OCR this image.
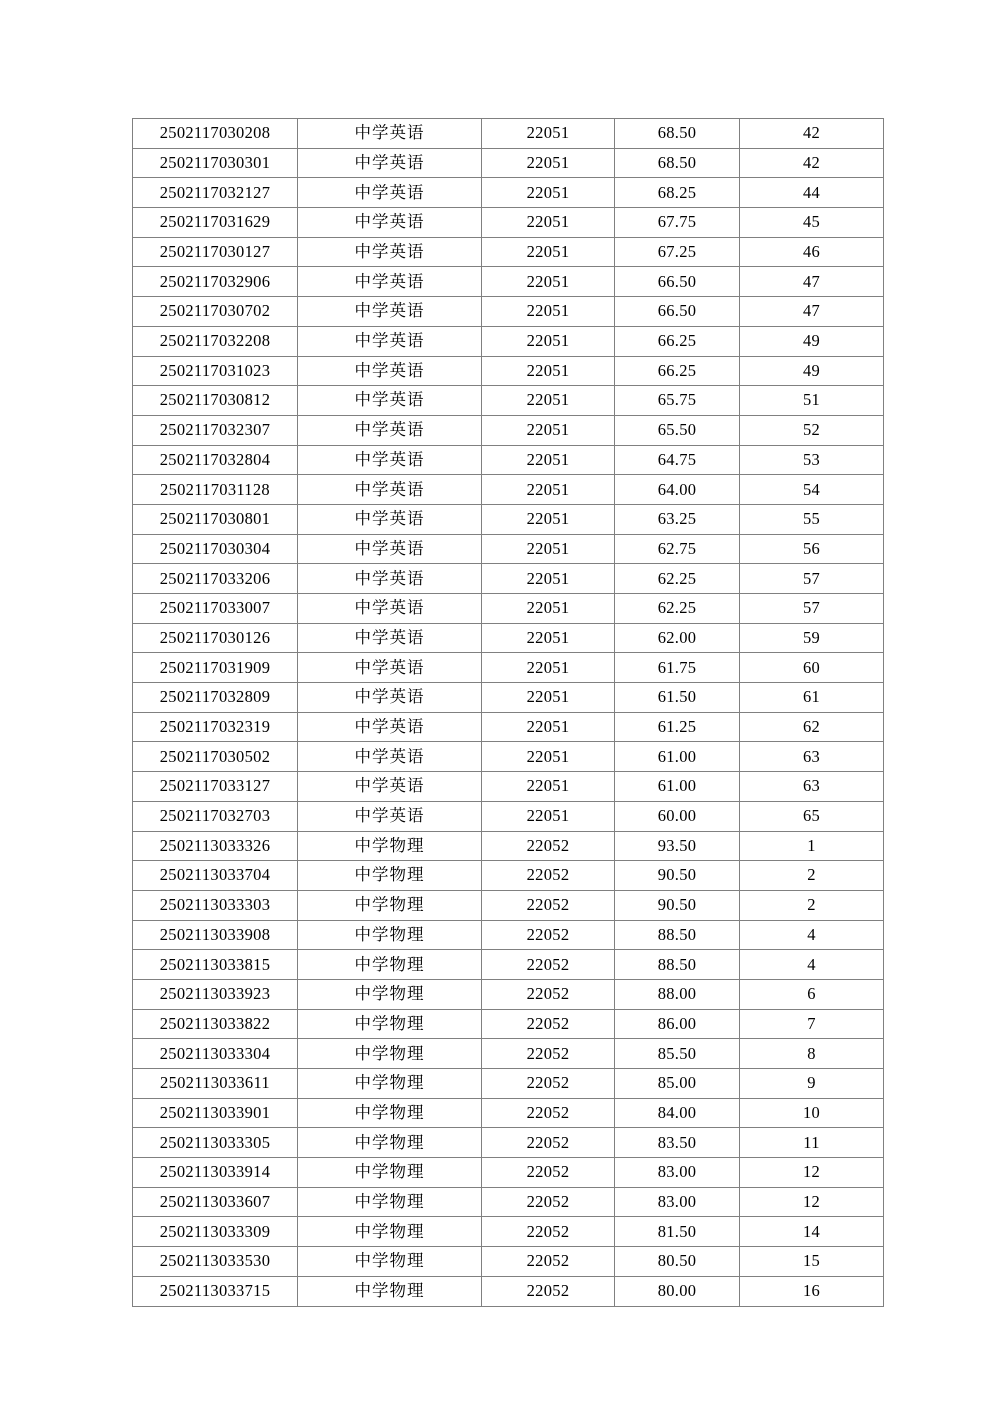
2502117030208	中学英语	22051	68.50	42
2502117030301	中学英语	22051	68.50	42
2502117032127	中学英语	22051	68.25	44
2502117031629	中学英语	22051	67.75	45
2502117030127	中学英语	22051	67.25	46
2502117032906	中学英语	22051	66.50	47
2502117030702	中学英语	22051	66.50	47
2502117032208	中学英语	22051	66.25	49
2502117031023	中学英语	22051	66.25	49
2502117030812	中学英语	22051	65.75	51
2502117032307	中学英语	22051	65.50	52
2502117032804	中学英语	22051	64.75	53
2502117031128	中学英语	22051	64.00	54
2502117030801	中学英语	22051	63.25	55
2502117030304	中学英语	22051	62.75	56
2502117033206	中学英语	22051	62.25	57
2502117033007	中学英语	22051	62.25	57
2502117030126	中学英语	22051	62.00	59
2502117031909	中学英语	22051	61.75	60
2502117032809	中学英语	22051	61.50	61
2502117032319	中学英语	22051	61.25	62
2502117030502	中学英语	22051	61.00	63
2502117033127	中学英语	22051	61.00	63
2502117032703	中学英语	22051	60.00	65
2502113033326	中学物理	22052	93.50	1
2502113033704	中学物理	22052	90.50	2
2502113033303	中学物理	22052	90.50	2
2502113033908	中学物理	22052	88.50	4
2502113033815	中学物理	22052	88.50	4
2502113033923	中学物理	22052	88.00	6
2502113033822	中学物理	22052	86.00	7
2502113033304	中学物理	22052	85.50	8
2502113033611	中学物理	22052	85.00	9
2502113033901	中学物理	22052	84.00	10
2502113033305	中学物理	22052	83.50	11
2502113033914	中学物理	22052	83.00	12
2502113033607	中学物理	22052	83.00	12
2502113033309	中学物理	22052	81.50	14
2502113033530	中学物理	22052	80.50	15
2502113033715	中学物理	22052	80.00	16
